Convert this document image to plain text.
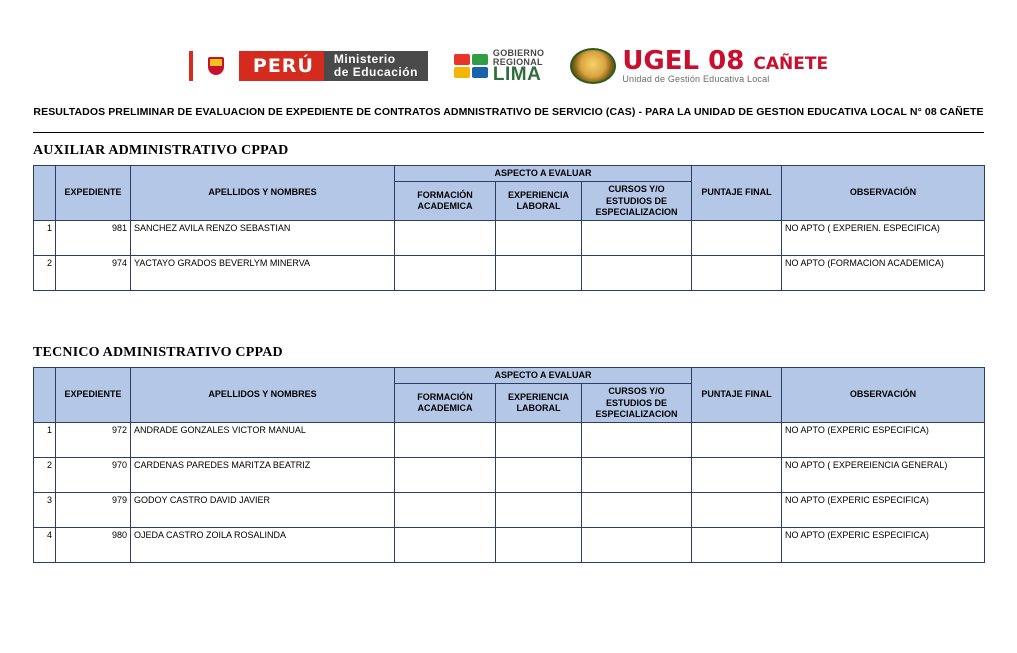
PERÚ	Ministerio
de Educación
GOBIERNO
REGIONAL
LIMA	UGEL 08 CAÑETE
Unidad de Gestión Educativa Local
RESULTADOS PRELIMINAR DE EVALUACION DE EXPEDIENTE DE CONTRATOS ADMNISTRATIVO DE SERVICIO (CAS) - PARA LA UNIDAD DE GESTION EDUCATIVA LOCAL N° 08 CAÑETE
AUXILIAR ADMINISTRATIVO CPPAD
	EXPEDIENTE	APELLIDOS Y NOMBRES	ASPECTO A EVALUAR			PUNTAJE FINAL	OBSERVACIÓN
			FORMACIÓN ACADEMICA	EXPERIENCIA LABORAL	CURSOS Y/O ESTUDIOS DE ESPECIALIZACION		
1	981	SANCHEZ AVILA RENZO SEBASTIAN					NO APTO ( EXPERIEN. ESPECIFICA)
2	974	YACTAYO GRADOS BEVERLYM MINERVA					NO APTO (FORMACION ACADEMICA)
TECNICO ADMINISTRATIVO CPPAD
	EXPEDIENTE	APELLIDOS Y NOMBRES	ASPECTO A EVALUAR			PUNTAJE FINAL	OBSERVACIÓN
			FORMACIÓN ACADEMICA	EXPERIENCIA LABORAL	CURSOS Y/O ESTUDIOS DE ESPECIALIZACION		
1	972	ANDRADE GONZALES VICTOR MANUAL					NO APTO (EXPERIC ESPECIFICA)
2	970	CARDENAS PAREDES MARITZA BEATRIZ					NO APTO ( EXPEREIENCIA GENERAL)
3	979	GODOY CASTRO DAVID JAVIER					NO APTO (EXPERIC ESPECIFICA)
4	980	OJEDA CASTRO ZOILA ROSALINDA					NO APTO (EXPERIC ESPECIFICA)
